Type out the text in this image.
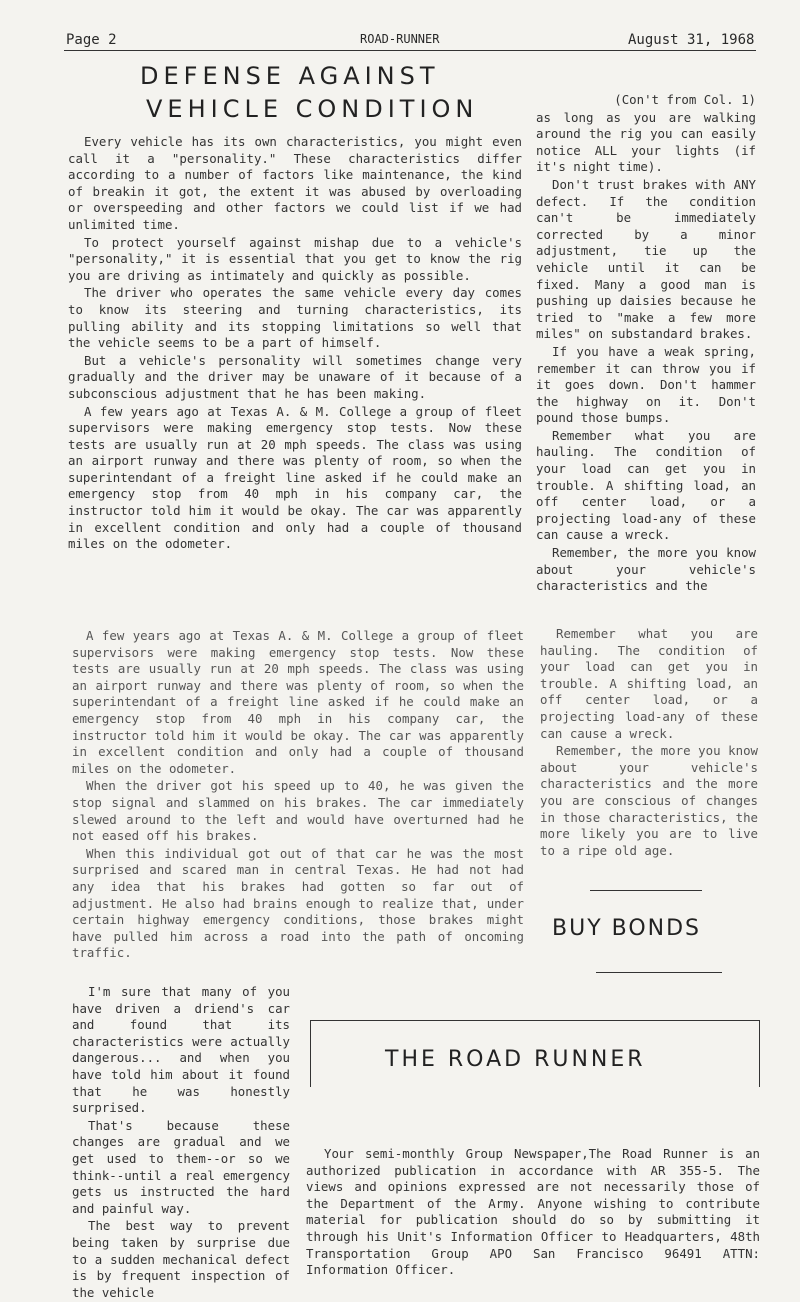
Page 2	ROAD-RUNNER	August 31, 1968
DEFENSE AGAINST
VEHICLE CONDITION

Every vehicle has its own characteristics, you might even call it a "personality." These characteristics differ according to a number of factors like maintenance, the kind of breakin it got, the extent it was abused by overloading or overspeeding and other factors we could list if we had unlimited time.

To protect yourself against mishap due to a vehicle's "personality," it is essential that you get to know the rig you are driving as intimately and quickly as possible.

The driver who operates the same vehicle every day comes to know its steering and turning characteristics, its pulling ability and its stopping limitations so well that the vehicle seems to be a part of himself.

But a vehicle's personality will sometimes change very gradually and the driver may be unaware of it because of a subconscious adjustment that he has been making.

A few years ago at Texas A. & M. College a group of fleet supervisors were making emergency stop tests. Now these tests are usually run at 20 mph speeds. The class was using an airport runway and there was plenty of room, so when the superintendant of a freight line asked if he could make an emergency stop from 40 mph in his company car, the instructor told him it would be okay. The car was apparently in excellent condition and only had a couple of thousand miles on the odometer.

A few years ago at Texas A. & M. College a group of fleet supervisors were making emergency stop tests. Now these tests are usually run at 20 mph speeds. The class was using an airport runway and there was plenty of room, so when the superintendant of a freight line asked if he could make an emergency stop from 40 mph in his company car, the instructor told him it would be okay. The car was apparently in excellent condition and only had a couple of thousand miles on the odometer.

When the driver got his speed up to 40, he was given the stop signal and slammed on his brakes. The car immediately slewed around to the left and would have overturned had he not eased off his brakes.

When this individual got out of that car he was the most surprised and scared man in central Texas. He had not had any idea that his brakes had gotten so far out of adjustment. He also had brains enough to realize that, under certain highway emergency conditions, those brakes might have pulled him across a road into the path of oncoming traffic.

I'm sure that many of you have driven a driend's car and found that its characteristics were actually dangerous... and when you have told him about it found that he was honestly surprised.

That's because these changes are gradual and we get used to them--or so we think--until a real emergency gets us instructed the hard and painful way.

The best way to prevent being taken by surprise due to a sudden mechanical defect is by frequent inspection of the vehicle

(Con't from Col. 1)

as long as you are walking around the rig you can easily notice ALL your lights (if it's night time).

Don't trust brakes with ANY defect. If the condition can't be immediately corrected by a minor adjustment, tie up the vehicle until it can be fixed. Many a good man is pushing up daisies because he tried to "make a few more miles" on substandard brakes.

If you have a weak spring, remember it can throw you if it goes down. Don't hammer the highway on it. Don't pound those bumps.

Remember what you are hauling. The condition of your load can get you in trouble. A shifting load, an off center load, or a projecting load-any of these can cause a wreck.

Remember, the more you know about your vehicle's characteristics and the

Remember what you are hauling. The condition of your load can get you in trouble. A shifting load, an off center load, or a projecting load-any of these can cause a wreck.

Remember, the more you know about your vehicle's characteristics and the more you are conscious of changes in those characteristics, the more likely you are to live to a ripe old age.

BUY BONDS
THE ROAD RUNNER

Your semi-monthly Group Newspaper,The Road Runner is an authorized publication in accordance with AR 355-5. The views and opinions expressed are not necessarily those of the Department of the Army. Anyone wishing to contribute material for publication should do so by submitting it through his Unit's Information Officer to Headquarters, 48th Transportation Group APO San Francisco 96491 ATTN: Information Officer.
